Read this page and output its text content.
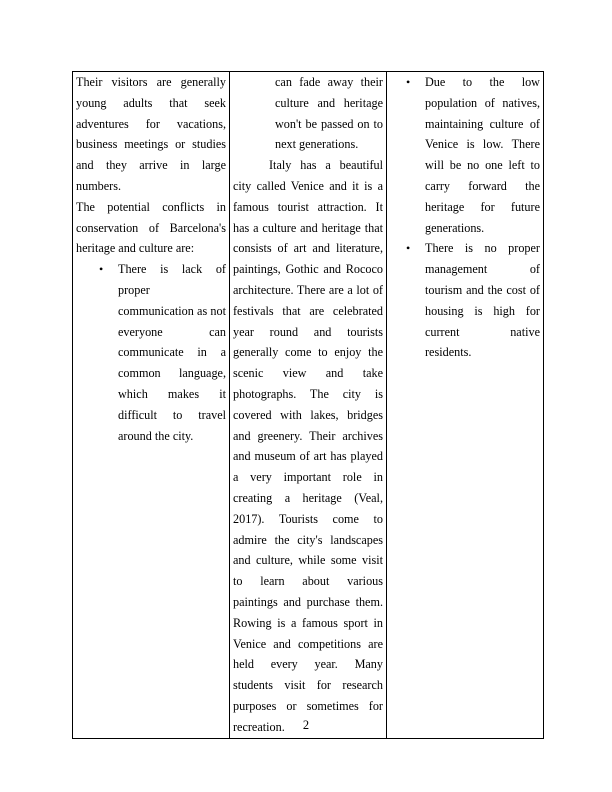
Their visitors are generally young adults that seek adventures for vacations, business meetings or studies and they arrive in large numbers.

The potential conflicts in conservation of Barcelona's heritage and culture are:

• There is lack of proper communication as not everyone can communicate in a common language, which makes it difficult to travel around the city.

can fade away their culture and heritage won't be passed on to next generations.

Italy has a beautiful city called Venice and it is a famous tourist attraction. It has a culture and heritage that consists of art and literature, paintings, Gothic and Rococo architecture. There are a lot of festivals that are celebrated year round and tourists generally come to enjoy the scenic view and take photographs. The city is covered with lakes, bridges and greenery. Their archives and museum of art has played a very important role in creating a heritage (Veal, 2017). Tourists come to admire the city's landscapes and culture, while some visit to learn about various paintings and purchase them. Rowing is a famous sport in Venice and competitions are held every year. Many students visit for research purposes or sometimes for recreation.

• Due to the low population of natives, maintaining culture of Venice is low. There will be no one left to carry forward the heritage for future generations.
• There is no proper management of tourism and the cost of housing is high for current native residents.
2
